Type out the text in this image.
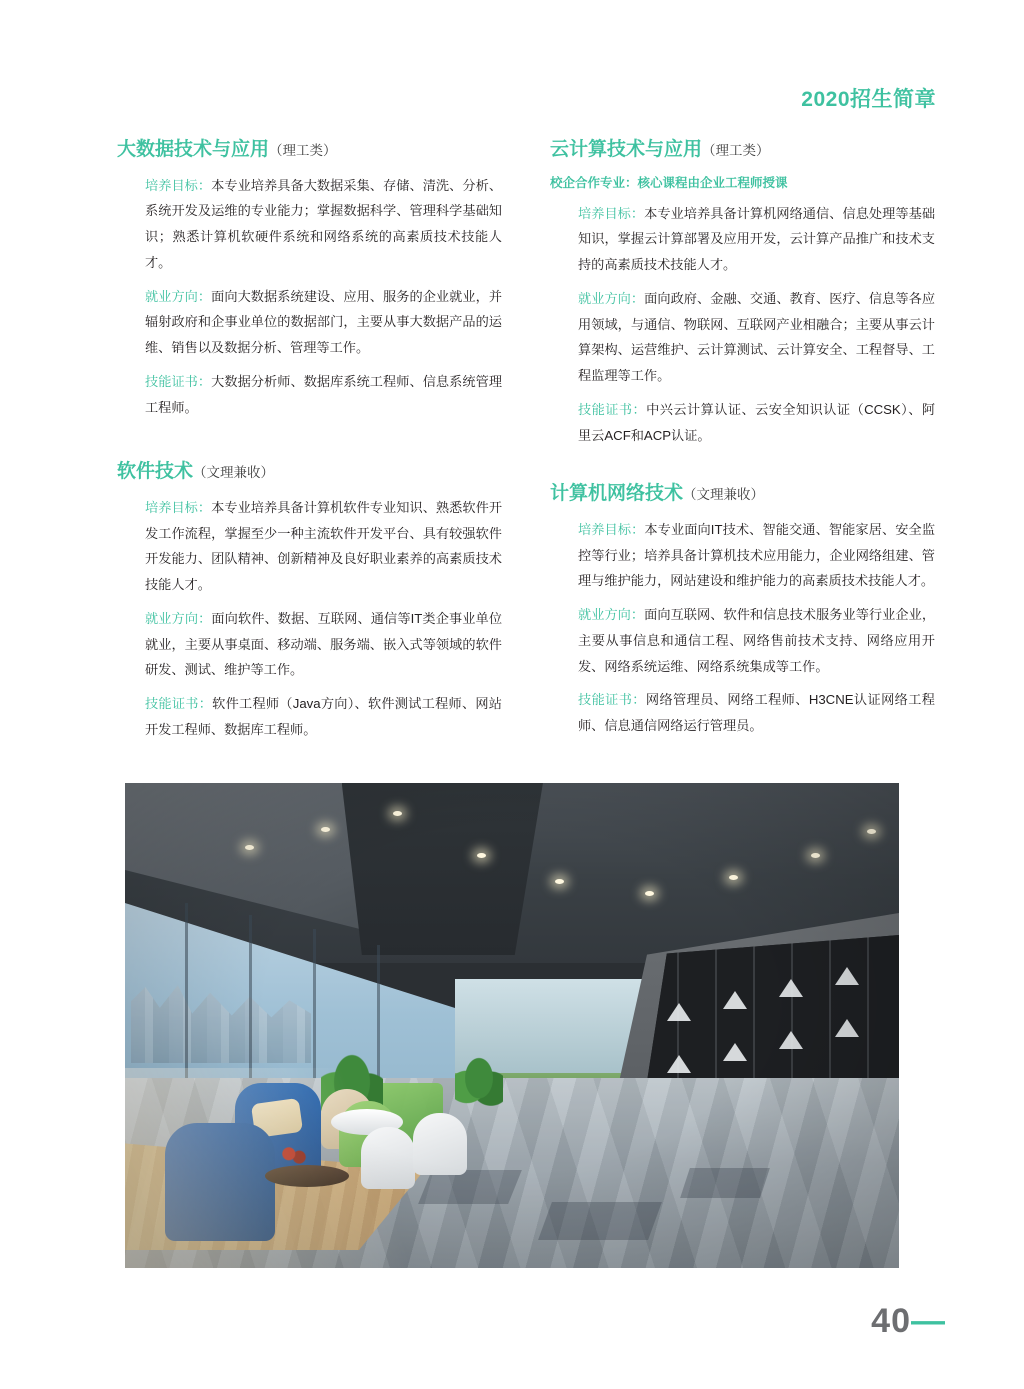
2020招生简章
大数据技术与应用（理工类）

培养目标：本专业培养具备大数据采集、存储、清洗、分析、系统开发及运维的专业能力；掌握数据科学、管理科学基础知识；熟悉计算机软硬件系统和网络系统的高素质技术技能人才。

就业方向：面向大数据系统建设、应用、服务的企业就业，并辐射政府和企事业单位的数据部门，主要从事大数据产品的运维、销售以及数据分析、管理等工作。

技能证书：大数据分析师、数据库系统工程师、信息系统管理工程师。

软件技术（文理兼收）

培养目标：本专业培养具备计算机软件专业知识、熟悉软件开发工作流程，掌握至少一种主流软件开发平台、具有较强软件开发能力、团队精神、创新精神及良好职业素养的高素质技术技能人才。

就业方向：面向软件、数据、互联网、通信等IT类企事业单位就业，主要从事桌面、移动端、服务端、嵌入式等领域的软件研发、测试、维护等工作。

技能证书：软件工程师（Java方向）、软件测试工程师、网站开发工程师、数据库工程师。

云计算技术与应用（理工类）

校企合作专业：核心课程由企业工程师授课

培养目标：本专业培养具备计算机网络通信、信息处理等基础知识，掌握云计算部署及应用开发，云计算产品推广和技术支持的高素质技术技能人才。

就业方向：面向政府、金融、交通、教育、医疗、信息等各应用领域，与通信、物联网、互联网产业相融合；主要从事云计算架构、运营维护、云计算测试、云计算安全、工程督导、工程监理等工作。

技能证书：中兴云计算认证、云安全知识认证（CCSK）、阿里云ACF和ACP认证。

计算机网络技术（文理兼收）

培养目标：本专业面向IT技术、智能交通、智能家居、安全监控等行业；培养具备计算机技术应用能力，企业网络组建、管理与维护能力，网站建设和维护能力的高素质技术技能人才。

就业方向：面向互联网、软件和信息技术服务业等行业企业，主要从事信息和通信工程、网络售前技术支持、网络应用开发、网络系统运维、网络系统集成等工作。

技能证书：网络管理员、网络工程师、H3CNE认证网络工程师、信息通信网络运行管理员。

40—
